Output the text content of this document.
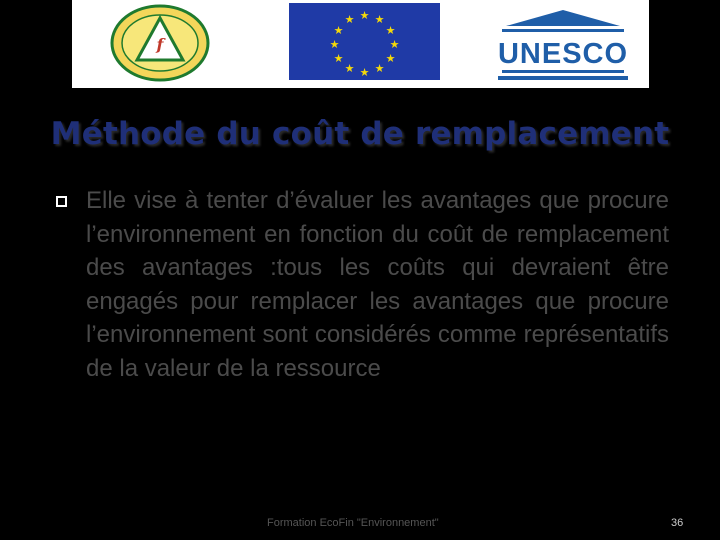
f
★ ★
★
★
★
★
★
★
★
★
★
★
UNESCO
Méthode du coût de remplacement
Elle vise à tenter d’évaluer les avantages que procure l’environnement en fonction du coût de remplacement des avantages :tous les coûts qui devraient être engagés pour remplacer les avantages que procure l’environnement sont considérés comme représentatifs de la valeur de la ressource
Formation EcoFin "Environnement"	36
